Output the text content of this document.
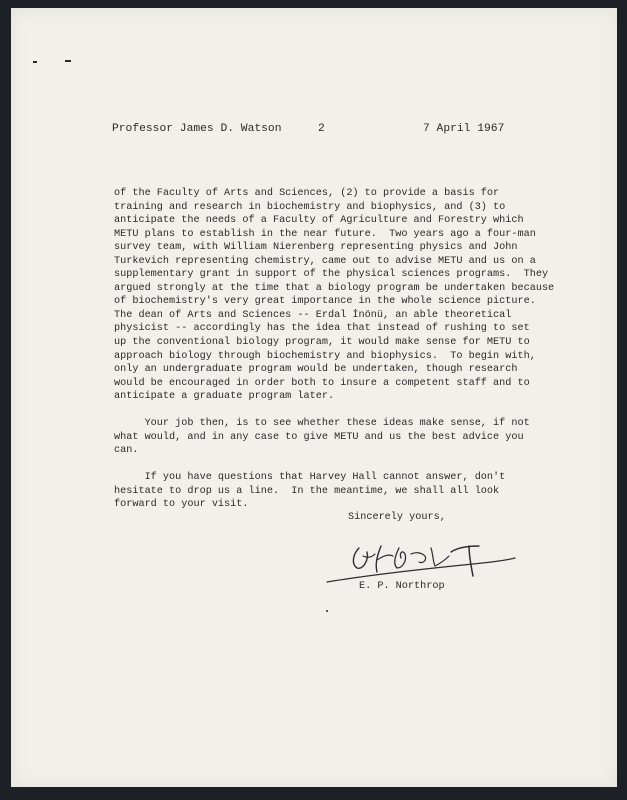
Professor James D. Watson	2	7 April 1967
of the Faculty of Arts and Sciences, (2) to provide a basis for
training and research in biochemistry and biophysics, and (3) to
anticipate the needs of a Faculty of Agriculture and Forestry which
METU plans to establish in the near future.  Two years ago a four-man
survey team, with William Nierenberg representing physics and John
Turkevich representing chemistry, came out to advise METU and us on a
supplementary grant in support of the physical sciences programs.  They
argued strongly at the time that a biology program be undertaken because
of biochemistry's very great importance in the whole science picture.
The dean of Arts and Sciences -- Erdal İnönü, an able theoretical
physicist -- accordingly has the idea that instead of rushing to set
up the conventional biology program, it would make sense for METU to
approach biology through biochemistry and biophysics.  To begin with,
only an undergraduate program would be undertaken, though research
would be encouraged in order both to insure a competent staff and to
anticipate a graduate program later.
Your job then, is to see whether these ideas make sense, if not
what would, and in any case to give METU and us the best advice you
can.
If you have questions that Harvey Hall cannot answer, don't
hesitate to drop us a line.  In the meantime, we shall all look
forward to your visit.
Sincerely yours,
E. P. Northrop
